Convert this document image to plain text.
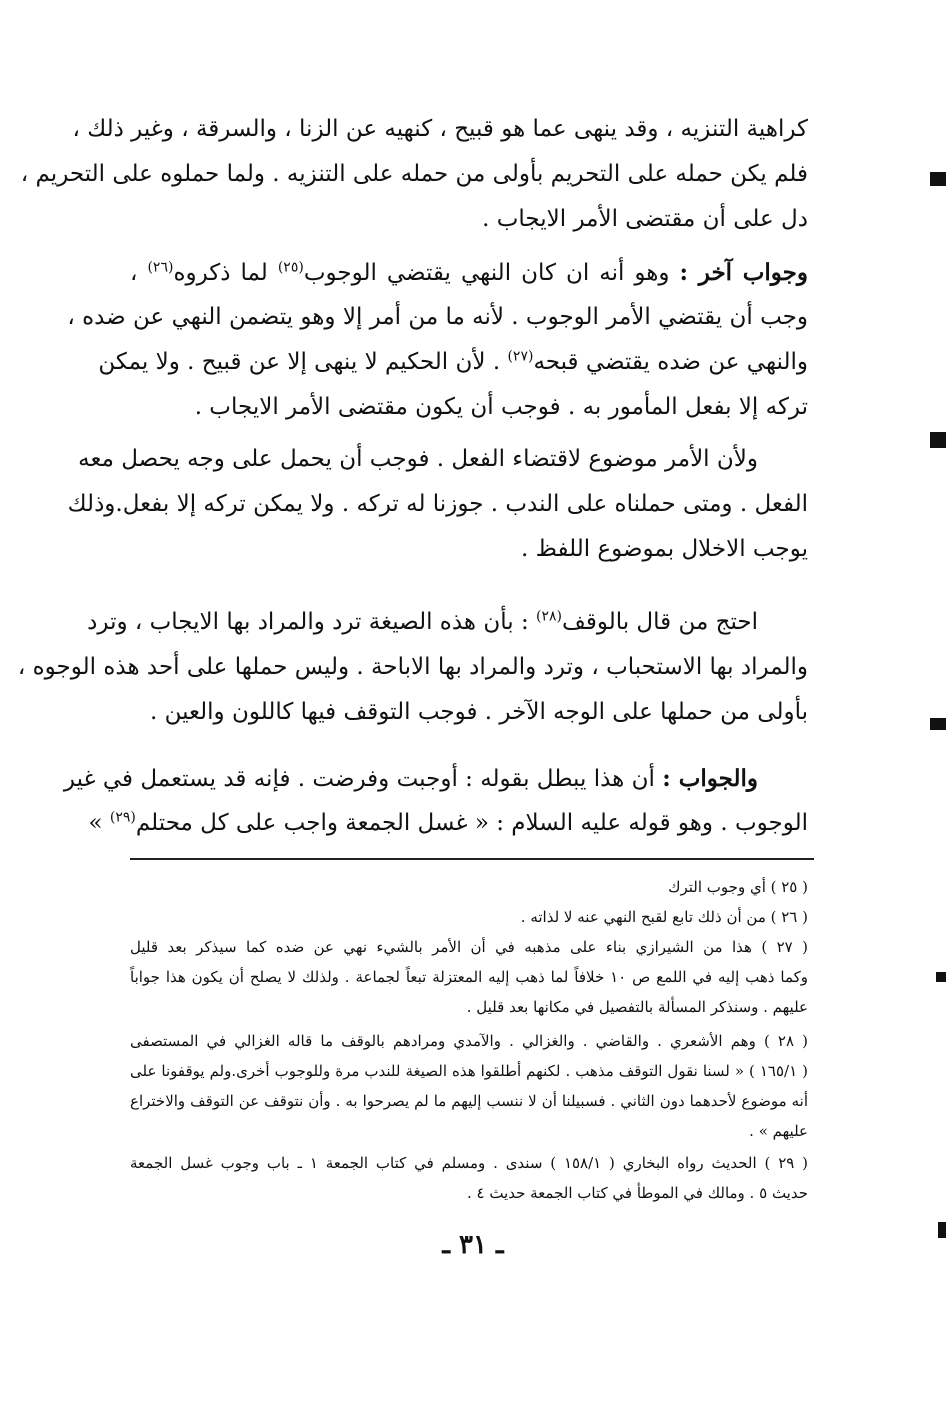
كراهية التنزيه ، وقد ينهى عما هو قبيح ، كنهيه عن الزنا ، والسرقة ، وغير ذلك ،
فلم يكن حمله على التحريم بأولى من حمله على التنزيه . ولما حملوه على التحريم ،
دل على أن مقتضى الأمر الايجاب .
وجواب آخر : وهو أنه ان كان النهي يقتضي الوجوب$^{(٢٥)}$ لما ذكروه$^{(٢٦)}$ ،
وجب أن يقتضي الأمر الوجوب . لأنه ما من أمر إلا وهو يتضمن النهي عن ضده ،
والنهي عن ضده يقتضي قبحه$^{(٢٧)}$ . لأن الحكيم لا ينهى إلا عن قبيح . ولا يمكن
تركه إلا بفعل المأمور به . فوجب أن يكون مقتضى الأمر الايجاب .
ولأن الأمر موضوع لاقتضاء الفعل . فوجب أن يحمل على وجه يحصل معه
الفعل . ومتى حملناه على الندب . جوزنا له تركه . ولا يمكن تركه إلا بفعل.وذلك
يوجب الاخلال بموضوع اللفظ .
احتج من قال بالوقف$^{(٢٨)}$ : بأن هذه الصيغة ترد والمراد بها الايجاب ، وترد
والمراد بها الاستحباب ، وترد والمراد بها الاباحة . وليس حملها على أحد هذه الوجوه ،
بأولى من حملها على الوجه الآخر . فوجب التوقف فيها كاللون والعين .
والجواب : أن هذا يبطل بقوله : أوجبت وفرضت . فإنه قد يستعمل في غير
الوجوب . وهو قوله عليه السلام : « غسل الجمعة واجب على كل محتلم$^{(٢٩)}$ »
( ٢٥ ) أي وجوب الترك
( ٢٦ ) من أن ذلك تابع لقبح النهي عنه لا لذاته .
( ٢٧ ) هذا من الشيرازي بناء على مذهبه في أن الأمر بالشيء نهي عن ضده كما سيذكر بعد قليل
وكما ذهب إليه في اللمع ص ١٠ خلافاً لما ذهب إليه المعتزلة تبعاً لجماعة . ولذلك لا يصلح أن يكون هذا جواباً
عليهم . وسنذكر المسألة بالتفصيل في مكانها بعد قليل .
( ٢٨ ) وهم الأشعري . والقاضي . والغزالي . والآمدي ومرادهم بالوقف ما قاله الغزالي في المستصفى
( ١٦٥/١ ) « لسنا نقول التوقف مذهب . لكنهم أطلقوا هذه الصيغة للندب مرة وللوجوب أخرى.ولم يوقفونا على
أنه موضوع لأحدهما دون الثاني . فسبيلنا أن لا ننسب إليهم ما لم يصرحوا به . وأن نتوقف عن التوقف والاختراع
عليهم » .
( ٢٩ ) الحديث رواه البخاري ( ١٥٨/١ ) سندى . ومسلم في كتاب الجمعة ١ ـ باب وجوب غسل الجمعة
حديث ٥ . ومالك في الموطأ في كتاب الجمعة حديث ٤ .
ـ ٣١ ـ
